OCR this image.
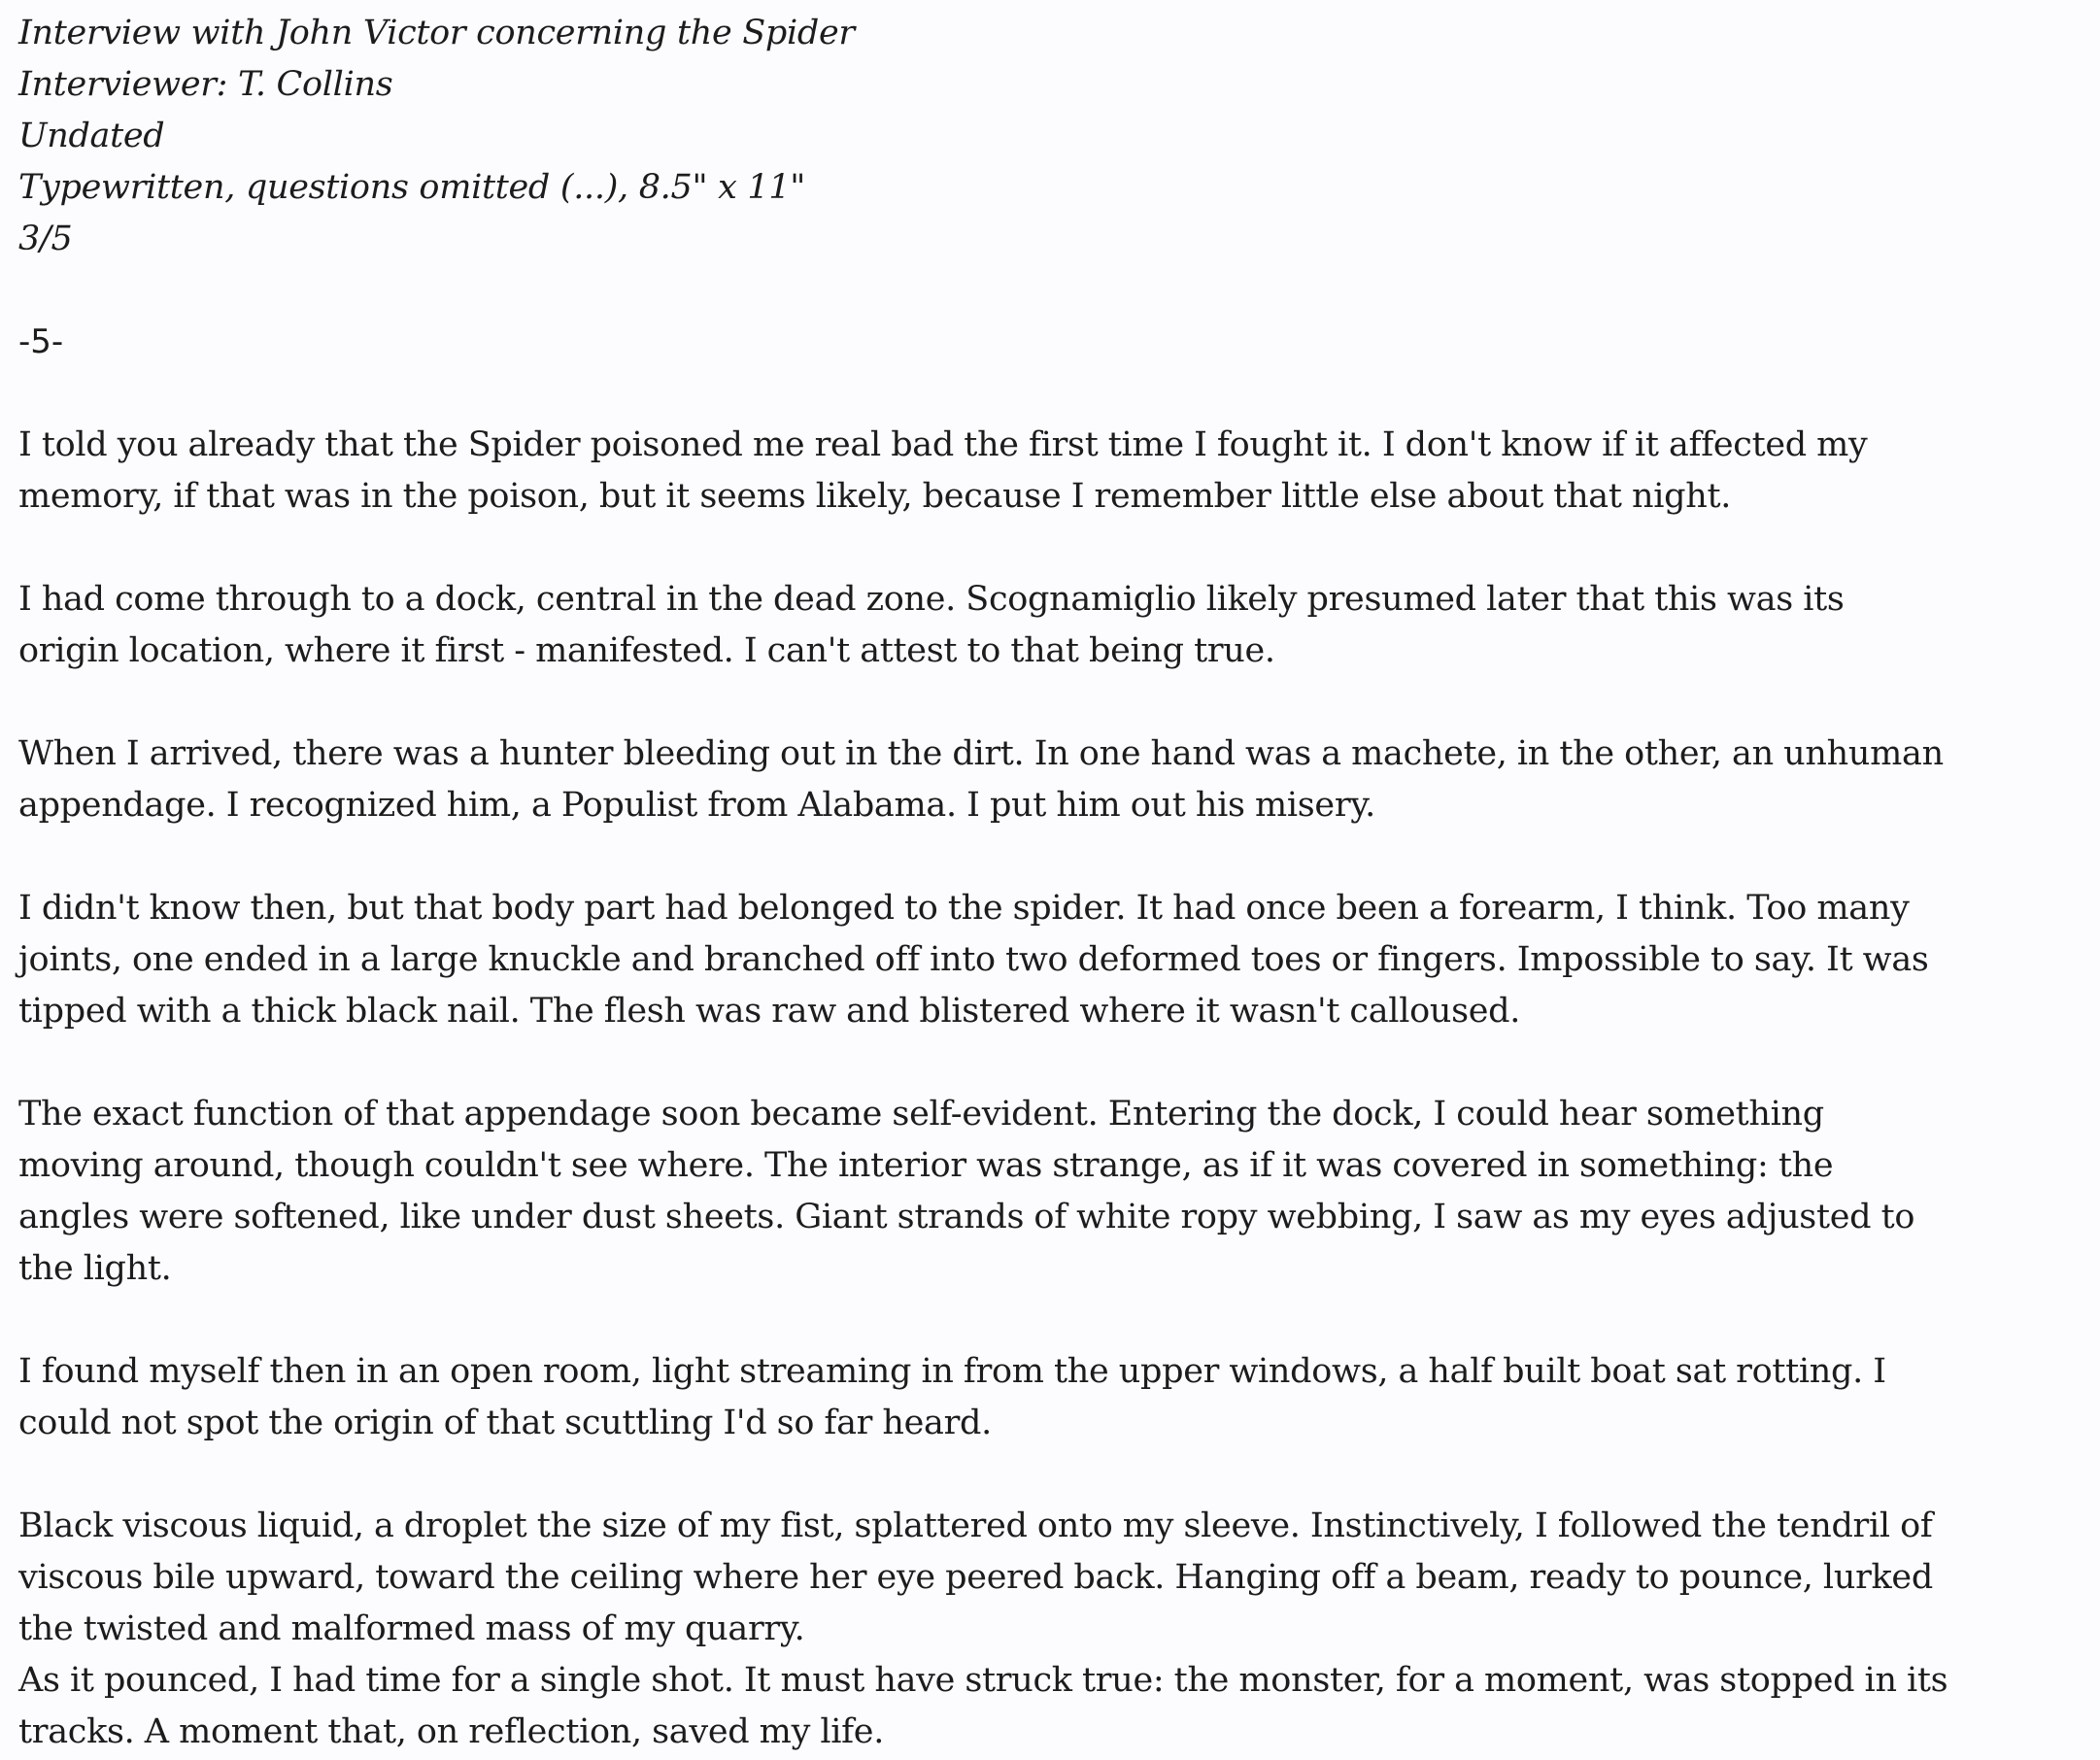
Interview with John Victor concerning the Spider
Interviewer: T. Collins
Undated
Typewritten, questions omitted (...), 8.5" x 11"
3/5
-5-

I told you already that the Spider poisoned me real bad the first time I fought it. I don't know if it affected my
memory, if that was in the poison, but it seems likely, because I remember little else about that night.

I had come through to a dock, central in the dead zone. Scognamiglio likely presumed later that this was its
origin location, where it first - manifested. I can't attest to that being true.

When I arrived, there was a hunter bleeding out in the dirt. In one hand was a machete, in the other, an unhuman
appendage. I recognized him, a Populist from Alabama. I put him out his misery.

I didn't know then, but that body part had belonged to the spider. It had once been a forearm, I think. Too many
joints, one ended in a large knuckle and branched off into two deformed toes or fingers. Impossible to say. It was
tipped with a thick black nail. The flesh was raw and blistered where it wasn't calloused.

The exact function of that appendage soon became self-evident. Entering the dock, I could hear something
moving around, though couldn't see where. The interior was strange, as if it was covered in something: the
angles were softened, like under dust sheets. Giant strands of white ropy webbing, I saw as my eyes adjusted to
the light.

I found myself then in an open room, light streaming in from the upper windows, a half built boat sat rotting. I
could not spot the origin of that scuttling I'd so far heard.

Black viscous liquid, a droplet the size of my fist, splattered onto my sleeve. Instinctively, I followed the tendril of
viscous bile upward, toward the ceiling where her eye peered back. Hanging off a beam, ready to pounce, lurked
the twisted and malformed mass of my quarry.

As it pounced, I had time for a single shot. It must have struck true: the monster, for a moment, was stopped in its
tracks. A moment that, on reflection, saved my life.
